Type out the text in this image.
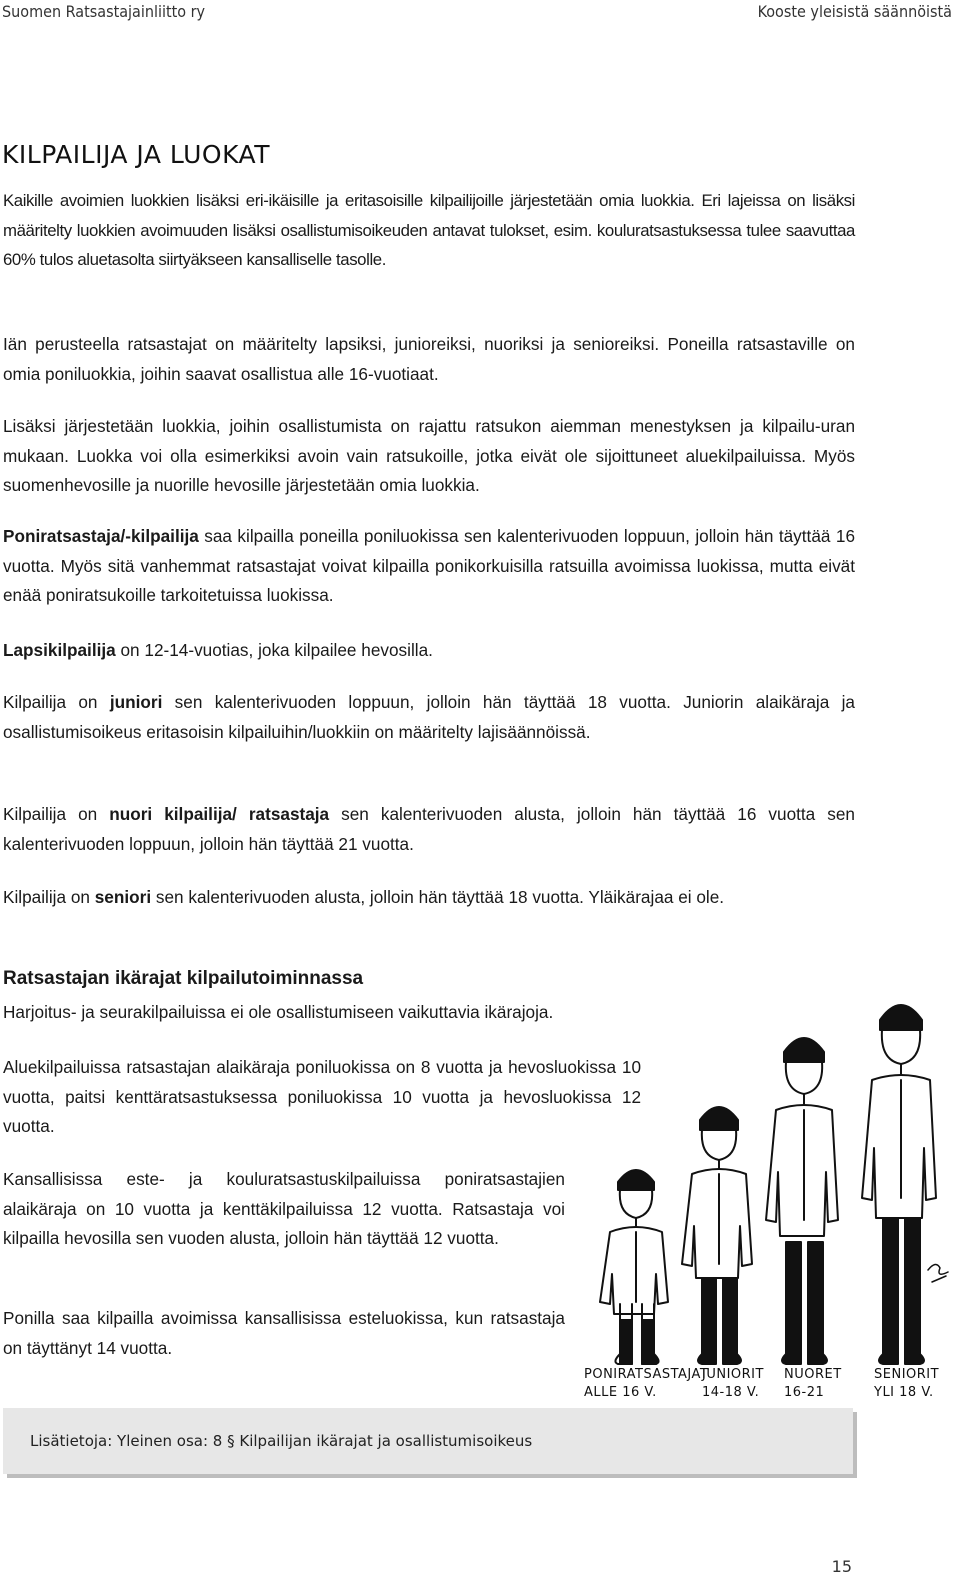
Suomen Ratsastajainliitto ry	Kooste yleisistä säännöistä
KILPAILIJA JA LUOKAT

Kaikille avoimien luokkien lisäksi eri-ikäisille ja eritasoisille kilpailijoille järjestetään omia luokkia. Eri lajeissa on lisäksi määritelty luokkien avoimuuden lisäksi osallistumisoikeuden antavat tulokset, esim. kouluratsastuksessa tulee saavuttaa 60% tulos aluetasolta siirtyäkseen kansalliselle tasolle.

Iän perusteella ratsastajat on määritelty lapsiksi, junioreiksi, nuoriksi ja senioreiksi. Poneilla ratsastaville on omia poniluokkia, joihin saavat osallistua alle 16-vuotiaat.

Lisäksi järjestetään luokkia, joihin osallistumista on rajattu ratsukon aiemman menestyksen ja kilpailu-uran mukaan. Luokka voi olla esimerkiksi avoin vain ratsukoille, jotka eivät ole sijoittuneet aluekilpailuissa. Myös suomenhevosille ja nuorille hevosille järjestetään omia luokkia.

Poniratsastaja/-kilpailija saa kilpailla poneilla poniluokissa sen kalenterivuoden loppuun, jolloin hän täyttää 16 vuotta. Myös sitä vanhemmat ratsastajat voivat kilpailla ponikorkuisilla ratsuilla avoimissa luokissa, mutta eivät enää poniratsukoille tarkoitetuissa luokissa.

Lapsikilpailija on 12-14-vuotias, joka kilpailee hevosilla.

Kilpailija on juniori sen kalenterivuoden loppuun, jolloin hän täyttää 18 vuotta. Juniorin alaikäraja ja osallistumisoikeus eritasoisin kilpailuihin/luokkiin on määritelty lajisäännöissä.

Kilpailija on nuori kilpailija/ ratsastaja sen kalenterivuoden alusta, jolloin hän täyttää 16 vuotta sen kalenterivuoden loppuun, jolloin hän täyttää 21 vuotta.

Kilpailija on seniori sen kalenterivuoden alusta, jolloin hän täyttää 18 vuotta. Yläikärajaa ei ole.

Ratsastajan ikärajat kilpailutoiminnassa

Harjoitus- ja seurakilpailuissa ei ole osallistumiseen vaikuttavia ikärajoja.

Aluekilpailuissa ratsastajan alaikäraja poniluokissa on 8 vuotta ja hevosluokissa 10 vuotta, paitsi kenttäratsastuksessa poniluokissa 10 vuotta ja hevosluokissa 12 vuotta.

Kansallisissa este- ja kouluratsastuskilpailuissa poniratsastajien alaikäraja on 10 vuotta ja kenttäkilpailuissa 12 vuotta. Ratsastaja voi kilpailla hevosilla sen vuoden alusta, jolloin hän täyttää 12 vuotta.

Ponilla saa kilpailla avoimissa kansallisissa esteluokissa, kun ratsastaja on täyttänyt 14 vuotta.

PONIRATSASTAJAT
ALLE 16 V.
JUNIORIT
14-18 V.
NUORET
16-21
SENIORIT
YLI 18 V.
Lisätietoja: Yleinen osa: 8 § Kilpailijan ikärajat ja osallistumisoikeus
15
